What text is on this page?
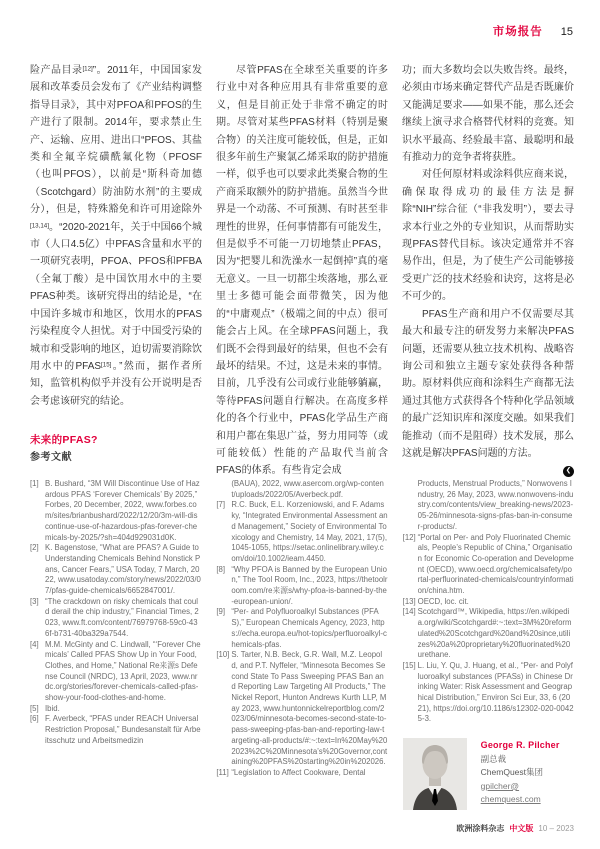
市场报告 15

险产品目录[12]”。2011年，中国国家发展和改革委员会发布了《产业结构调整指导目录》，其中对PFOA和PFOS的生产进行了限制。2014年，要求禁止生产、运输、应用、进出口“PFOS、其盐类和全氟辛烷磺酰氟化物（PFOSF（也叫PFOS），以前是“斯科奇加德（Scotchgard）防油防水剂”的主要成分），但是，特殊豁免和许可用途除外[13,14]。“2020-2021年，关于中国66个城市（人口4.5亿）中PFAS含量和水平的一项研究表明，PFOA、PFOS和PFBA（全氟丁酸）是中国饮用水中的主要PFAS种类。该研究得出的结论是，“在中国许多城市和地区，饮用水的PFAS污染程度令人担忧。对于中国受污染的城市和受影响的地区，迫切需要消除饮用水中的PFAS[15]。”然而，据作者所知，监管机构似乎并没有公开说明是否会考虑该研究的结论。

未来的PFAS?

尽管PFAS在全球至关重要的许多行业中对各种应用具有非常重要的意义，但是目前正处于非常不确定的时期。尽管对某些PFAS材料（特别是聚合物）的关注度可能较低，但是，正如很多年前生产聚氯乙烯采取的防护措施一样，似乎也可以要求此类聚合物的生产商采取额外的防护措施。虽然当今世界是一个动荡、不可预测、有时甚至非理性的世界，任何事情都有可能发生，但是似乎不可能一刀切地禁止PFAS，因为“把婴儿和洗澡水一起倒掉”真的毫无意义。一旦一切都尘埃落地，那么亚里士多德可能会面带微笑，因为他的“中庸观点”（极端之间的中点）很可能会占上风。在全球PFAS问题上，我们既不会得到最好的结果，但也不会有最坏的结果。不过，这是未来的事情。目前，几乎没有公司或行业能够躺赢，等待PFAS问题自行解决。在高度多样化的各个行业中，PFAS化学品生产商和用户都在集思广益，努力用同等（或可能较低）性能的产品取代当前含PFAS的体系。有些肯定会成

功；而大多数均会以失败告终。最终，必须由市场来确定替代产品是否既廉价又能满足要求——如果不能，那么还会继续上演寻求合格替代材料的竞赛。知识水平最高、经验最丰富、最聪明和最有推动力的竞争者将获胜。

对任何原材料或涂料供应商来说，确保取得成功的最佳方法是摒除“NIH”综合征（“非我发明”），要去寻求本行业之外的专业知识，从而帮助实现PFAS替代目标。该决定通常并不容易作出，但是，为了使生产公司能够接受更广泛的技术经验和诀窍，这将是必不可少的。

PFAS生产商和用户不仅需要尽其最大和最专注的研发努力来解决PFAS问题，还需要从独立技术机构、战略咨询公司和独立主题专家处获得各种帮助。原材料供应商和涂料生产商都无法通过其他方式获得各个特种化学品领域的最广泛知识库和深度交融。如果我们能推动（而不是阻碍）技术发展，那么这就是解决PFAS问题的方法。

❮
参考文献
[1] B. Bushard, “3M Will Discontinue Use of Hazardous PFAS ‘Forever Chemicals’ By 2025,” Forbes, 20 December, 2022, www.forbes.com/sites/brianbushard/2022/12/20/3m-will-discontinue-use-of-hazardous-pfas-forever-chemicals-by-2025/?sh=404d929031d0K.
[2] K. Bagenstose, “What are PFAS? A Guide to Understanding Chemicals Behind Nonstick Pans, Cancer Fears,” USA Today, 7 March, 2022, www.usatoday.com/story/news/2022/03/07/pfas-guide-chemicals/6652847001/.
[3] “The crackdown on risky chemicals that could derail the chip industry,” Financial Times, 2023, www.ft.com/content/76979768-59c0-436f-b731-40ba329a7544.
[4] M.M. McGinty and C. Lindwall, “‘Forever Chemicals’ Called PFAS Show Up in Your Food, Clothes, and Home,” National Re来源s Defense Council (NRDC), 13 April, 2023, www.nrdc.org/stories/forever-chemicals-called-pfas-show-your-food-clothes-and-home.
[5] Ibid.
[6] F. Averbeck, “PFAS under REACH Universal Restriction Proposal,” Bundesanstalt für Arbeitsschutz und Arbeitsmedizin
(BAUA), 2022, www.asercom.org/wp-content/uploads/2022/05/Averbeck.pdf.
[7] R.C. Buck, E.L. Korzeniowski, and F. Adamsky, “Integrated Environmental Assessment and Management,” Society of Environmental Toxicology and Chemistry, 14 May, 2021, 17(5), 1045-1055, https://setac.onlinelibrary.wiley.com/doi/10.1002/ieam.4450.
[8] “Why PFOA is Banned by the European Union,” The Tool Room, Inc., 2023, https://thetoolroom.com/re来源s/why-pfoa-is-banned-by-the-european-union/.
[9] “Per- and Polyfluoroalkyl Substances (PFAS),” European Chemicals Agency, 2023, https://echa.europa.eu/hot-topics/perfluoroalkyl-chemicals-pfas.
[10] S. Tarter, N.B. Beck, G.R. Wall, M.Z. Leopold, and P.T. Nyffeler, “Minnesota Becomes Second State To Pass Sweeping PFAS Ban and Reporting Law Targeting All Products,” The Nickel Report, Hunton Andrews Kurth LLP, May 2023, www.huntonnickelreportblog.com/2023/06/minnesota-becomes-second-state-to-pass-sweeping-pfas-ban-and-reporting-law-targeting-all-products/#:~:text=In%20May%202023%2C%20Minnesota’s%20Governor,containing%20PFAS%20starting%20in%202026.
[11] “Legislation to Affect Cookware, Dental
Products, Menstrual Products,” Nonwovens Industry, 26 May, 2023, www.nonwovens-industry.com/contents/view_breaking-news/2023-05-26/minnesota-signs-pfas-ban-in-consumer-products/.
[12] “Portal on Per- and Poly Fluorinated Chemicals, People’s Republic of China,” Organisation for Economic Co-operation and Development (OECD), www.oecd.org/chemicalsafety/portal-perfluorinated-chemicals/countryinformation/china.htm.
[13] OECD, loc. cit.
[14] Scotchgard™, Wikipedia, https://en.wikipedia.org/wiki/Scotchgard#:~:text=3M%20reformulated%20Scotchgard%20and%20since,utilizes%20a%20proprietary%20fluorinated%20urethane.
[15] L. Liu, Y. Qu, J. Huang, et al., “Per- and Polyfluoroalkyl substances (PFASs) in Chinese Drinking Water: Risk Assessment and Geographical Distribution,” Environ Sci Eur, 33, 6 (2021), https://doi.org/10.1186/s12302-020-00425-3.
George R. Pilcher
副总裁
ChemQuest集团
gpilcher@
chemquest.com
欧洲涂料杂志 中文版 10 – 2023
